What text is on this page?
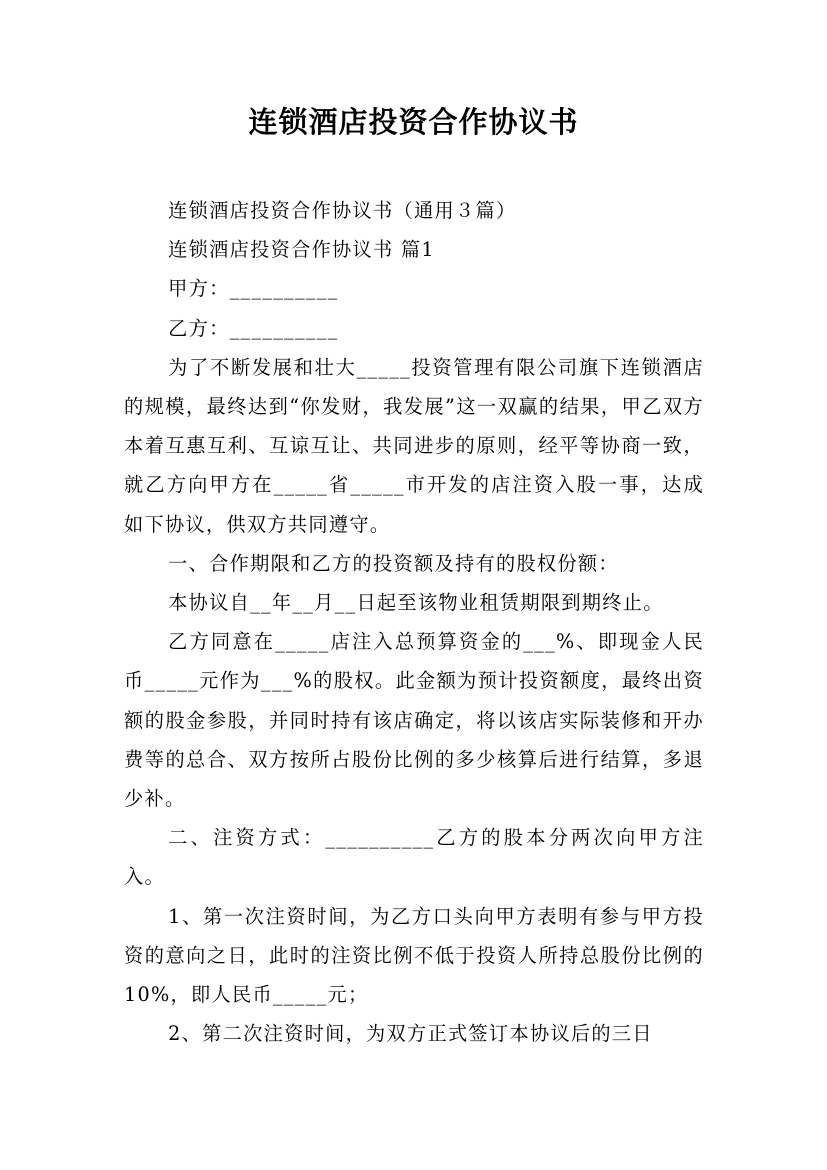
连锁酒店投资合作协议书

连锁酒店投资合作协议书（通用３篇）

连锁酒店投资合作协议书 篇1

甲方：__________

乙方：__________

为了不断发展和壮大_____投资管理有限公司旗下连锁酒店的规模，最终达到“你发财，我发展”这一双赢的结果，甲乙双方本着互惠互利、互谅互让、共同进步的原则，经平等协商一致，就乙方向甲方在_____省_____市开发的店注资入股一事，达成如下协议，供双方共同遵守。

一、合作期限和乙方的投资额及持有的股权份额：

本协议自__年__月__日起至该物业租赁期限到期终止。

乙方同意在_____店注入总预算资金的___%、即现金人民币_____元作为___%的股权。此金额为预计投资额度，最终出资额的股金参股，并同时持有该店确定，将以该店实际装修和开办费等的总合、双方按所占股份比例的多少核算后进行结算，多退少补。

二、注资方式：__________乙方的股本分两次向甲方注入。

1、第一次注资时间，为乙方口头向甲方表明有参与甲方投资的意向之日，此时的注资比例不低于投资人所持总股份比例的10%，即人民币_____元；

2、第二次注资时间，为双方正式签订本协议后的三日
